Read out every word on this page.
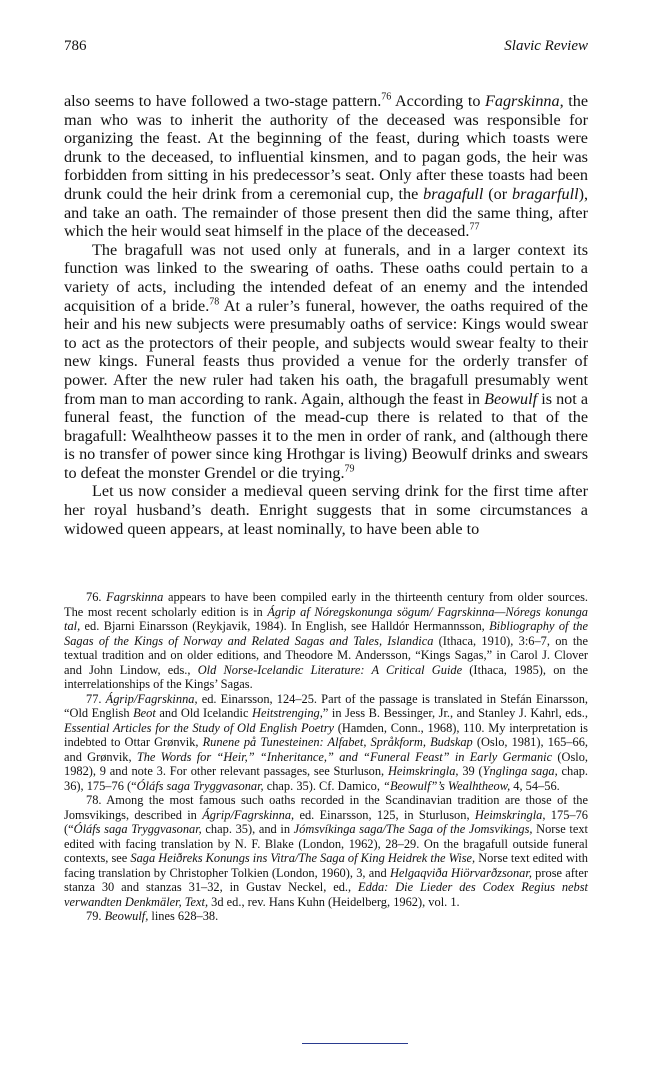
786	Slavic Review

also seems to have followed a two-stage pattern.$^{76}$ According to Fagrskinna, the man who was to inherit the authority of the deceased was responsible for organizing the feast. At the beginning of the feast, during which toasts were drunk to the deceased, to influential kinsmen, and to pagan gods, the heir was forbidden from sitting in his predecessor’s seat. Only after these toasts had been drunk could the heir drink from a ceremonial cup, the bragafull (or bragarfull), and take an oath. The remainder of those present then did the same thing, after which the heir would seat himself in the place of the deceased.$^{77}$

The bragafull was not used only at funerals, and in a larger context its function was linked to the swearing of oaths. These oaths could pertain to a variety of acts, including the intended defeat of an enemy and the intended acquisition of a bride.$^{78}$ At a ruler’s funeral, however, the oaths required of the heir and his new subjects were presumably oaths of service: Kings would swear to act as the protectors of their people, and subjects would swear fealty to their new kings. Funeral feasts thus provided a venue for the orderly transfer of power. After the new ruler had taken his oath, the bragafull presumably went from man to man according to rank. Again, although the feast in Beowulf is not a funeral feast, the function of the mead-cup there is related to that of the bragafull: Wealhtheow passes it to the men in order of rank, and (although there is no transfer of power since king Hrothgar is living) Beowulf drinks and swears to defeat the monster Grendel or die trying.$^{79}$

Let us now consider a medieval queen serving drink for the first time after her royal husband’s death. Enright suggests that in some circumstances a widowed queen appears, at least nominally, to have been able to

76. Fagrskinna appears to have been compiled early in the thirteenth century from older sources. The most recent scholarly edition is in Ágrip af Nóregskonunga sögum/ Fagrskinna—Nóregs konunga tal, ed. Bjarni Einarsson (Reykjavik, 1984). In English, see Halldór Hermannsson, Bibliography of the Sagas of the Kings of Norway and Related Sagas and Tales, Islandica (Ithaca, 1910), 3:6–7, on the textual tradition and on older editions, and Theodore M. Andersson, “Kings Sagas,” in Carol J. Clover and John Lindow, eds., Old Norse-Icelandic Literature: A Critical Guide (Ithaca, 1985), on the interrelationships of the Kings’ Sagas.

77. Ágrip/Fagrskinna, ed. Einarsson, 124–25. Part of the passage is translated in Stefán Einarsson, “Old English Beot and Old Icelandic Heitstrenging,” in Jess B. Bessinger, Jr., and Stanley J. Kahrl, eds., Essential Articles for the Study of Old English Poetry (Hamden, Conn., 1968), 110. My interpretation is indebted to Ottar Grønvik, Runene på Tunesteinen: Alfabet, Språkform, Budskap (Oslo, 1981), 165–66, and Grønvik, The Words for “Heir,” “Inheritance,” and “Funeral Feast” in Early Germanic (Oslo, 1982), 9 and note 3. For other relevant passages, see Sturluson, Heimskringla, 39 (Ynglinga saga, chap. 36), 175–76 (“Óláfs saga Tryggvasonar, chap. 35). Cf. Damico, “Beowulf”’s Wealhtheow, 4, 54–56.

78. Among the most famous such oaths recorded in the Scandinavian tradition are those of the Jomsvikings, described in Ágrip/Fagrskinna, ed. Einarsson, 125, in Sturluson, Heimskringla, 175–76 (“Óláfs saga Tryggvasonar, chap. 35), and in Jómsvíkinga saga/The Saga of the Jomsvikings, Norse text edited with facing translation by N. F. Blake (London, 1962), 28–29. On the bragafull outside funeral contexts, see Saga Heiðreks Konungs ins Vitra/The Saga of King Heidrek the Wise, Norse text edited with facing translation by Christopher Tolkien (London, 1960), 3, and Helgaqviða Hiörvarðzsonar, prose after stanza 30 and stanzas 31–32, in Gustav Neckel, ed., Edda: Die Lieder des Codex Regius nebst verwandten Denkmäler, Text, 3d ed., rev. Hans Kuhn (Heidelberg, 1962), vol. 1.

79. Beowulf, lines 628–38.
